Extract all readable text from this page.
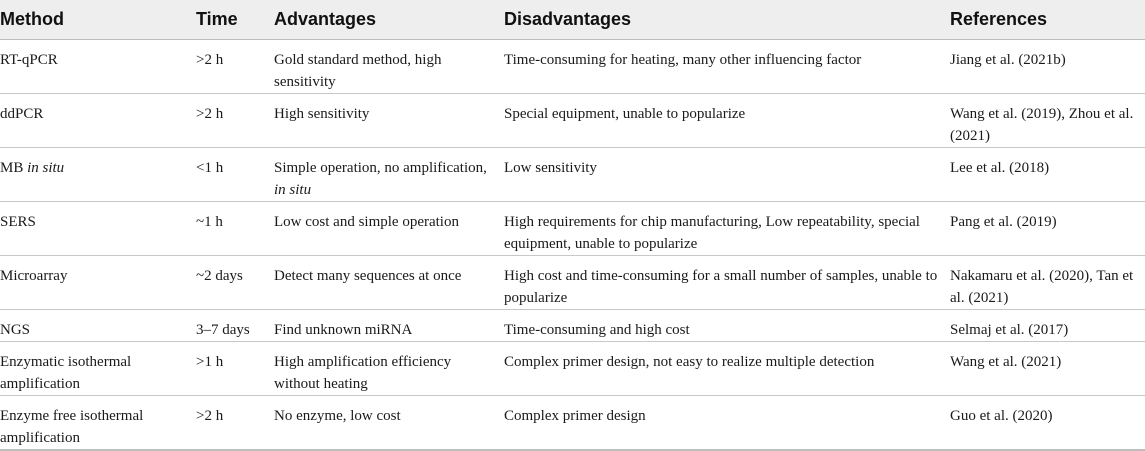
Method	Time	Advantages	Disadvantages	References
RT-qPCR	>2 h	Gold standard method, high sensitivity	Time-consuming for heating, many other influencing factor	Jiang et al. (2021b)
ddPCR	>2 h	High sensitivity	Special equipment, unable to popularize	Wang et al. (2019), Zhou et al. (2021)
MB in situ	<1 h	Simple operation, no amplification, in situ	Low sensitivity	Lee et al. (2018)
SERS	~1 h	Low cost and simple operation	High requirements for chip manufacturing, Low repeatability, special equipment, unable to popularize	Pang et al. (2019)
Microarray	~2 days	Detect many sequences at once	High cost and time-consuming for a small number of samples, unable to popularize	Nakamaru et al. (2020), Tan et al. (2021)
NGS	3–7 days	Find unknown miRNA	Time-consuming and high cost	Selmaj et al. (2017)
Enzymatic isothermal amplification	>1 h	High amplification efficiency without heating	Complex primer design, not easy to realize multiple detection	Wang et al. (2021)
Enzyme free isothermal amplification	>2 h	No enzyme, low cost	Complex primer design	Guo et al. (2020)
